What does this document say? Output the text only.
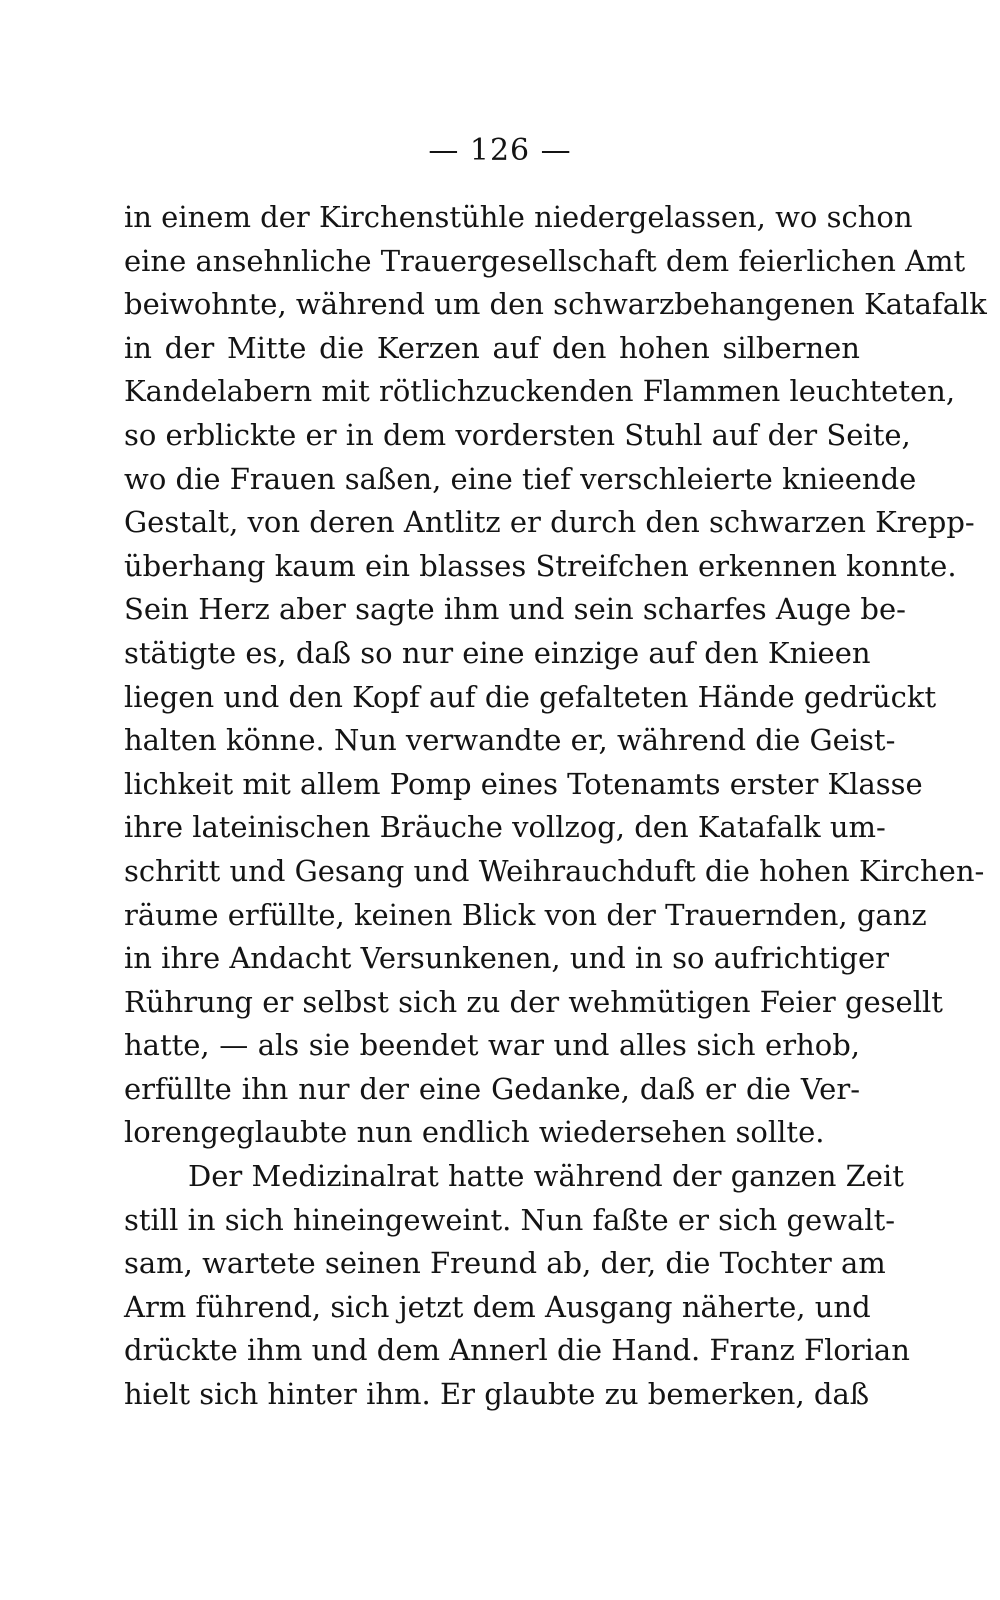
— 126 —
in einem der Kirchenstühle niedergelassen, wo schon
eine ansehnliche Trauergesellschaft dem feierlichen Amt
beiwohnte, während um den schwarzbehangenen Katafalk
in der Mitte die Kerzen auf den hohen silbernen
Kandelabern mit rötlichzuckenden Flammen leuchteten,
so erblickte er in dem vordersten Stuhl auf der Seite,
wo die Frauen saßen, eine tief verschleierte knieende
Gestalt, von deren Antlitz er durch den schwarzen Krepp-
überhang kaum ein blasses Streifchen erkennen konnte.
Sein Herz aber sagte ihm und sein scharfes Auge be-
stätigte es, daß so nur eine einzige auf den Knieen
liegen und den Kopf auf die gefalteten Hände gedrückt
halten könne. Nun verwandte er, während die Geist-
lichkeit mit allem Pomp eines Totenamts erster Klasse
ihre lateinischen Bräuche vollzog, den Katafalk um-
schritt und Gesang und Weihrauchduft die hohen Kirchen-
räume erfüllte, keinen Blick von der Trauernden, ganz
in ihre Andacht Versunkenen, und in so aufrichtiger
Rührung er selbst sich zu der wehmütigen Feier gesellt
hatte, — als sie beendet war und alles sich erhob,
erfüllte ihn nur der eine Gedanke, daß er die Ver-
lorengeglaubte nun endlich wiedersehen sollte.
Der Medizinalrat hatte während der ganzen Zeit
still in sich hineingeweint. Nun faßte er sich gewalt-
sam, wartete seinen Freund ab, der, die Tochter am
Arm führend, sich jetzt dem Ausgang näherte, und
drückte ihm und dem Annerl die Hand. Franz Florian
hielt sich hinter ihm. Er glaubte zu bemerken, daß
